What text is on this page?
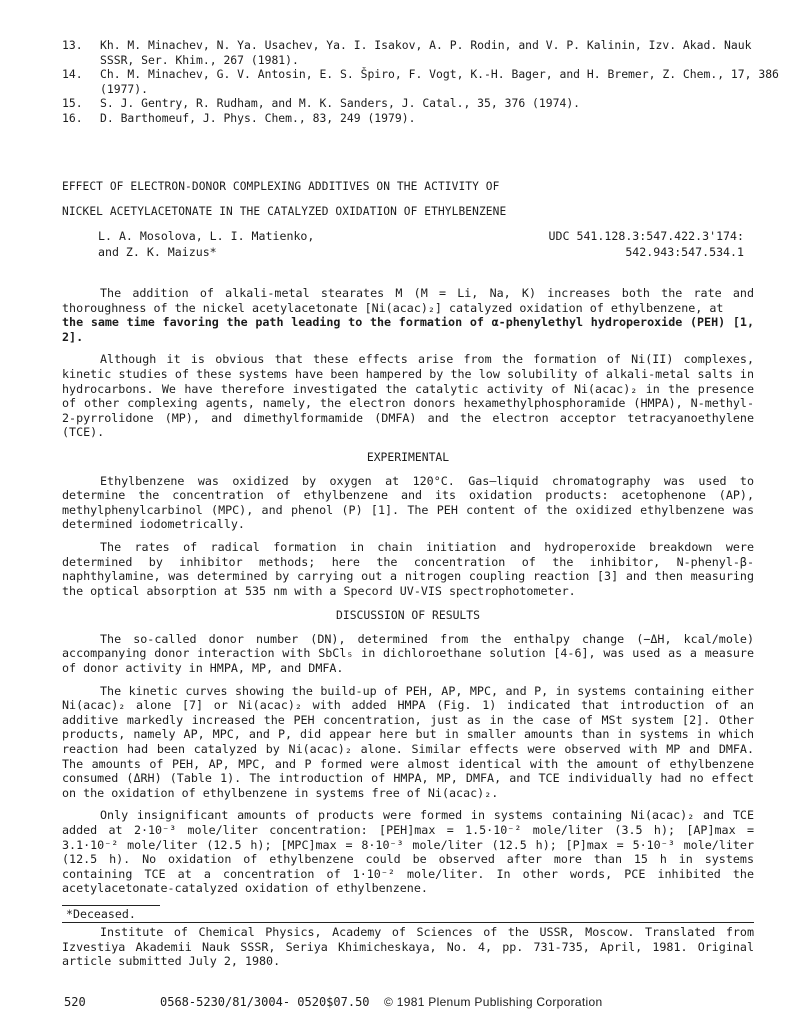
13.	Kh. M. Minachev, N. Ya. Usachev, Ya. I. Isakov, A. P. Rodin, and V. P. Kalinin, Izv. Akad. Nauk SSSR, Ser. Khim., 267 (1981).
14.	Ch. M. Minachev, G. V. Antosin, E. S. Špiro, F. Vogt, K.-H. Bager, and H. Bremer, Z. Chem., 17, 386 (1977).
15.	S. J. Gentry, R. Rudham, and M. K. Sanders, J. Catal., 35, 376 (1974).
16.	D. Barthomeuf, J. Phys. Chem., 83, 249 (1979).
EFFECT OF ELECTRON-DONOR COMPLEXING ADDITIVES ON THE ACTIVITY OF
NICKEL ACETYLACETONATE IN THE CATALYZED OXIDATION OF ETHYLBENZENE
L. A. Mosolova, L. I. Matienko,
and Z. K. Maizus*
UDC 541.128.3:547.422.3'174:
542.943:547.534.1

The addition of alkali-metal stearates M (M = Li, Na, K) increases both the rate and thoroughness of the nickel acetylacetonate [Ni(acac)₂] catalyzed oxidation of ethylbenzene, at

the same time favoring the path leading to the formation of α-phenylethyl hydroperoxide (PEH) [1, 2].

Although it is obvious that these effects arise from the formation of Ni(II) complexes, kinetic studies of these systems have been hampered by the low solubility of alkali-metal salts in hydrocarbons. We have therefore investigated the catalytic activity of Ni(acac)₂ in the presence of other complexing agents, namely, the electron donors hexamethylphosphoramide (HMPA), N-methyl-2-pyrrolidone (MP), and dimethylformamide (DMFA) and the electron acceptor tetracyanoethylene (TCE).

EXPERIMENTAL

Ethylbenzene was oxidized by oxygen at 120°C. Gas–liquid chromatography was used to determine the concentration of ethylbenzene and its oxidation products: acetophenone (AP), methylphenylcarbinol (MPC), and phenol (P) [1]. The PEH content of the oxidized ethylbenzene was determined iodometrically.

The rates of radical formation in chain initiation and hydroperoxide breakdown were determined by inhibitor methods; here the concentration of the inhibitor, N-phenyl-β-naphthylamine, was determined by carrying out a nitrogen coupling reaction [3] and then measuring the optical absorption at 535 nm with a Specord UV-VIS spectrophotometer.

DISCUSSION OF RESULTS

The so-called donor number (DN), determined from the enthalpy change (−ΔH, kcal/mole) accompanying donor interaction with SbCl₅ in dichloroethane solution [4-6], was used as a measure of donor activity in HMPA, MP, and DMFA.

The kinetic curves showing the build-up of PEH, AP, MPC, and P, in systems containing either Ni(acac)₂ alone [7] or Ni(acac)₂ with added HMPA (Fig. 1) indicated that introduction of an additive markedly increased the PEH concentration, just as in the case of MSt system [2]. Other products, namely AP, MPC, and P, did appear here but in smaller amounts than in systems in which reaction had been catalyzed by Ni(acac)₂ alone. Similar effects were observed with MP and DMFA. The amounts of PEH, AP, MPC, and P formed were almost identical with the amount of ethylbenzene consumed (ΔRH) (Table 1). The introduction of HMPA, MP, DMFA, and TCE individually had no effect on the oxidation of ethylbenzene in systems free of Ni(acac)₂.

Only insignificant amounts of products were formed in systems containing Ni(acac)₂ and TCE added at 2·10⁻³ mole/liter concentration: [PEH]max = 1.5·10⁻² mole/liter (3.5 h); [AP]max = 3.1·10⁻² mole/liter (12.5 h); [MPC]max = 8·10⁻³ mole/liter (12.5 h); [P]max = 5·10⁻³ mole/liter (12.5 h). No oxidation of ethylbenzene could be observed after more than 15 h in systems containing TCE at a concentration of 1·10⁻² mole/liter. In other words, PCE inhibited the acetylacetonate-catalyzed oxidation of ethylbenzene.

*Deceased.
Institute of Chemical Physics, Academy of Sciences of the USSR, Moscow. Translated from Izvestiya Akademii Nauk SSSR, Seriya Khimicheskaya, No. 4, pp. 731-735, April, 1981. Original article submitted July 2, 1980.
520	0568-5230/81/3004- 0520$07.50 © 1981 Plenum Publishing Corporation
